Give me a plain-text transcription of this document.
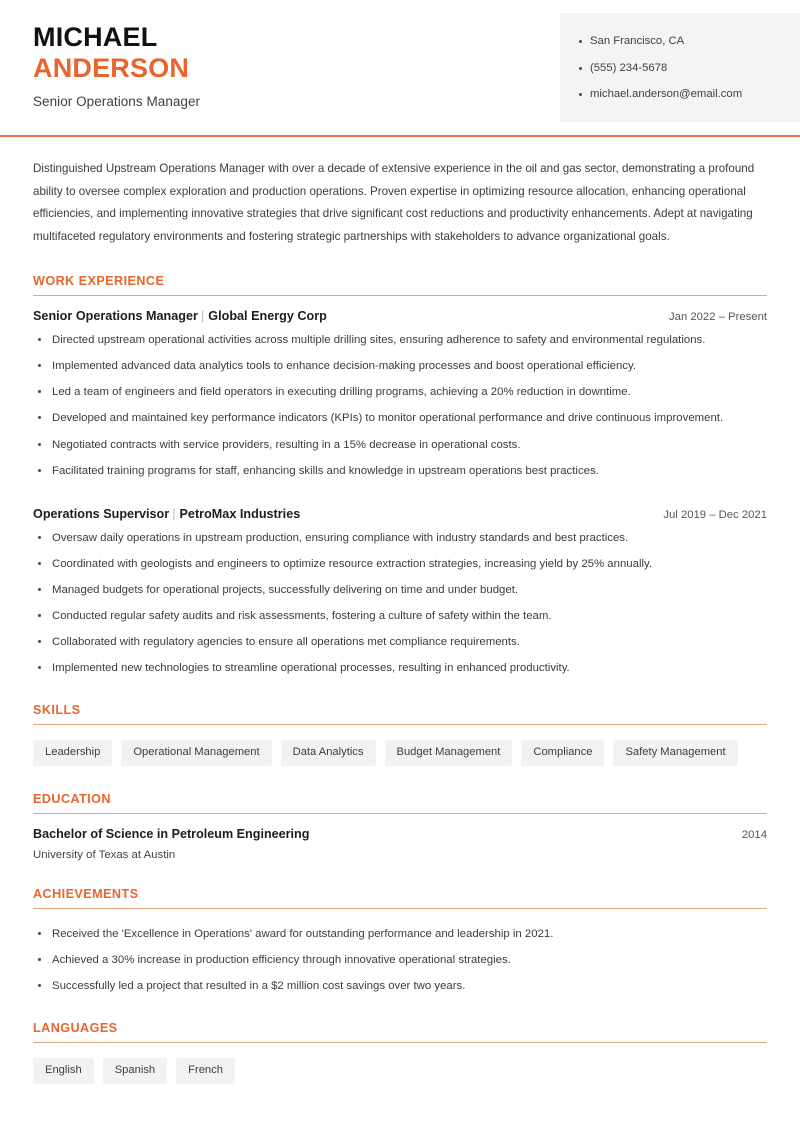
MICHAEL
ANDERSON
Senior Operations Manager
San Francisco, CA
(555) 234-5678
michael.anderson@email.com
Distinguished Upstream Operations Manager with over a decade of extensive experience in the oil and gas sector, demonstrating a profound ability to oversee complex exploration and production operations. Proven expertise in optimizing resource allocation, enhancing operational efficiencies, and implementing innovative strategies that drive significant cost reductions and productivity enhancements. Adept at navigating multifaceted regulatory environments and fostering strategic partnerships with stakeholders to advance organizational goals.
WORK EXPERIENCE
Senior Operations Manager | Global Energy Corp	Jan 2022 – Present
Directed upstream operational activities across multiple drilling sites, ensuring adherence to safety and environmental regulations.
Implemented advanced data analytics tools to enhance decision-making processes and boost operational efficiency.
Led a team of engineers and field operators in executing drilling programs, achieving a 20% reduction in downtime.
Developed and maintained key performance indicators (KPIs) to monitor operational performance and drive continuous improvement.
Negotiated contracts with service providers, resulting in a 15% decrease in operational costs.
Facilitated training programs for staff, enhancing skills and knowledge in upstream operations best practices.
Operations Supervisor | PetroMax Industries	Jul 2019 – Dec 2021
Oversaw daily operations in upstream production, ensuring compliance with industry standards and best practices.
Coordinated with geologists and engineers to optimize resource extraction strategies, increasing yield by 25% annually.
Managed budgets for operational projects, successfully delivering on time and under budget.
Conducted regular safety audits and risk assessments, fostering a culture of safety within the team.
Collaborated with regulatory agencies to ensure all operations met compliance requirements.
Implemented new technologies to streamline operational processes, resulting in enhanced productivity.
SKILLS
Leadership	Operational Management	Data Analytics	Budget Management	Compliance	Safety Management
EDUCATION
Bachelor of Science in Petroleum Engineering	2014
University of Texas at Austin
ACHIEVEMENTS
Received the 'Excellence in Operations' award for outstanding performance and leadership in 2021.
Achieved a 30% increase in production efficiency through innovative operational strategies.
Successfully led a project that resulted in a $2 million cost savings over two years.
LANGUAGES
English	Spanish	French
